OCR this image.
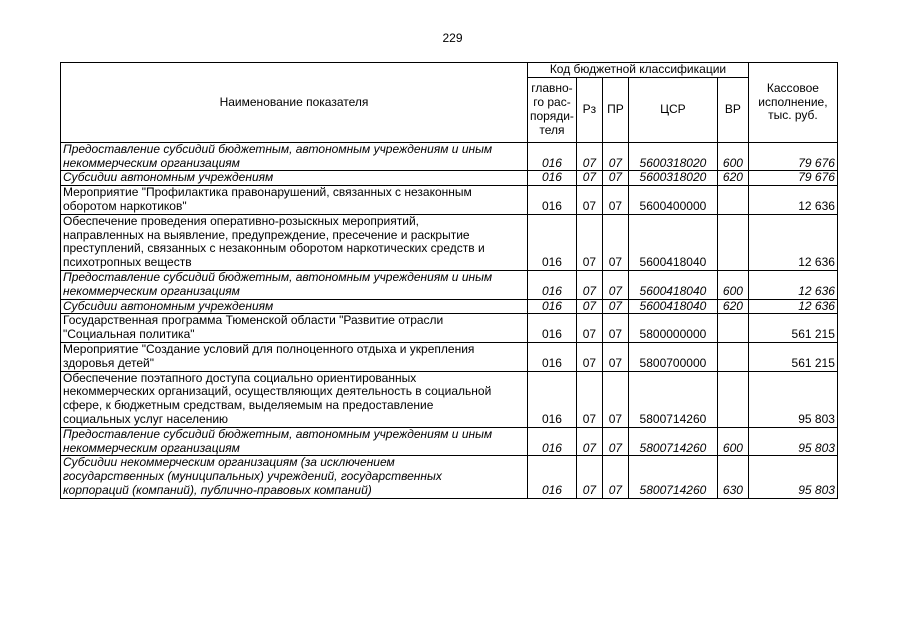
229
Наименование показателя	Код бюджетной классификации					Кассовое
исполнение,
тыс. руб.
	главно-
го рас-
поряди-
теля	Рз	ПР	ЦСР	ВР	
Предоставление субсидий бюджетным, автономным учреждениям и иным
некоммерческим организациям	016	07	07	5600318020	600	79 676
Субсидии автономным учреждениям	016	07	07	5600318020	620	79 676
Мероприятие "Профилактика правонарушений, связанных с незаконным
оборотом наркотиков"	016	07	07	5600400000		12 636
Обеспечение проведения оперативно-розыскных мероприятий,
направленных на выявление, предупреждение, пресечение и раскрытие
преступлений, связанных с незаконным оборотом наркотических средств и
психотропных веществ	016	07	07	5600418040		12 636
Предоставление субсидий бюджетным, автономным учреждениям и иным
некоммерческим организациям	016	07	07	5600418040	600	12 636
Субсидии автономным учреждениям	016	07	07	5600418040	620	12 636
Государственная программа Тюменской области "Развитие отрасли
"Социальная политика"	016	07	07	5800000000		561 215
Мероприятие "Создание условий для полноценного отдыха и укрепления
здоровья детей"	016	07	07	5800700000		561 215
Обеспечение поэтапного доступа социально ориентированных
некоммерческих организаций, осуществляющих деятельность в социальной
сфере, к бюджетным средствам, выделяемым на предоставление
социальных услуг населению	016	07	07	5800714260		95 803
Предоставление субсидий бюджетным, автономным учреждениям и иным
некоммерческим организациям	016	07	07	5800714260	600	95 803
Субсидии некоммерческим организациям (за исключением
государственных (муниципальных) учреждений, государственных
корпораций (компаний), публично-правовых компаний)	016	07	07	5800714260	630	95 803
